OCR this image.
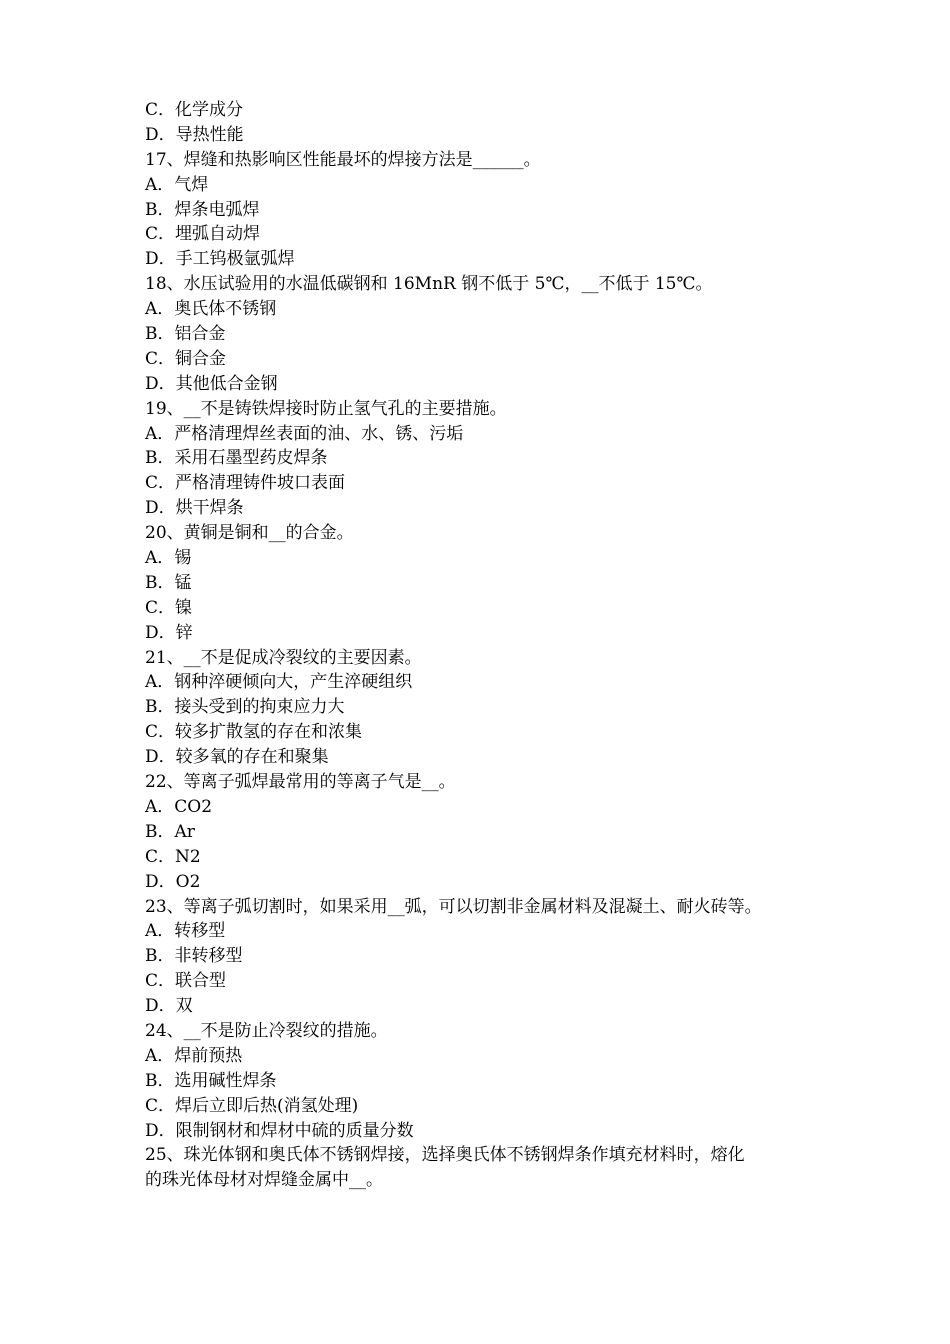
C．化学成分
D．导热性能
17、焊缝和热影响区性能最坏的焊接方法是______。
A．气焊
B．焊条电弧焊
C．埋弧自动焊
D．手工钨极氩弧焊
18、水压试验用的水温低碳钢和 16MnR 钢不低于 5℃，__不低于 15℃。
A．奥氏体不锈钢
B．铝合金
C．铜合金
D．其他低合金钢
19、__不是铸铁焊接时防止氢气孔的主要措施。
A．严格清理焊丝表面的油、水、锈、污垢
B．采用石墨型药皮焊条
C．严格清理铸件坡口表面
D．烘干焊条
20、黄铜是铜和__的合金。
A．锡
B．锰
C．镍
D．锌
21、__不是促成冷裂纹的主要因素。
A．钢种淬硬倾向大，产生淬硬组织
B．接头受到的拘束应力大
C．较多扩散氢的存在和浓集
D．较多氧的存在和聚集
22、等离子弧焊最常用的等离子气是__。
A．CO2
B．Ar
C．N2
D．O2
23、等离子弧切割时，如果采用__弧，可以切割非金属材料及混凝土、耐火砖等。
A．转移型
B．非转移型
C．联合型
D．双
24、__不是防止冷裂纹的措施。
A．焊前预热
B．选用碱性焊条
C．焊后立即后热(消氢处理)
D．限制钢材和焊材中硫的质量分数
25、珠光体钢和奥氏体不锈钢焊接，选择奥氏体不锈钢焊条作填充材料时，熔化
的珠光体母材对焊缝金属中__。
